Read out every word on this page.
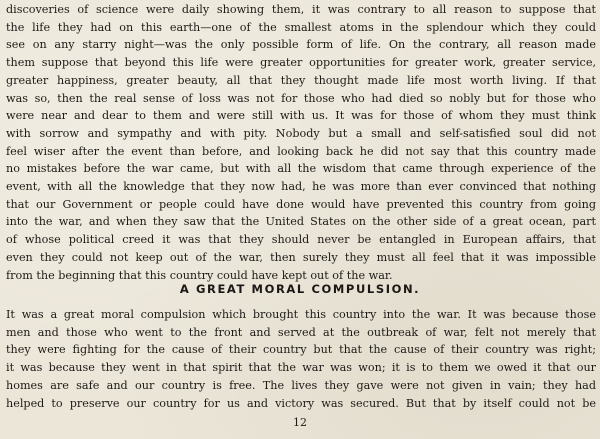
discoveries of science were daily showing them, it was contrary to all reason to suppose that
the life they had on this earth—one of the smallest atoms in the splendour which they could
see on any starry night—was the only possible form of life. On the contrary, all reason made
them suppose that beyond this life were greater opportunities for greater work, greater service,
greater happiness, greater beauty, all that they thought made life most worth living. If that
was so, then the real sense of loss was not for those who had died so nobly but for those who
were near and dear to them and were still with us. It was for those of whom they must think
with sorrow and sympathy and with pity. Nobody but a small and self-satisfied soul did not
feel wiser after the event than before, and looking back he did not say that this country made
no mistakes before the war came, but with all the wisdom that came through experience of the
event, with all the knowledge that they now had, he was more than ever convinced that nothing
that our Government or people could have done would have prevented this country from going
into the war, and when they saw that the United States on the other side of a great ocean, part
of whose political creed it was that they should never be entangled in European affairs, that
even they could not keep out of the war, then surely they must all feel that it was impossible
from the beginning that this country could have kept out of the war.
A GREAT MORAL COMPULSION.
It was a great moral compulsion which brought this country into the war. It was because those
men and those who went to the front and served at the outbreak of war, felt not merely that
they were fighting for the cause of their country but that the cause of their country was right;
it was because they went in that spirit that the war was won; it is to them we owed it that our
homes are safe and our country is free. The lives they gave were not given in vain; they had
helped to preserve our country for us and victory was secured. But that by itself could not be
12
